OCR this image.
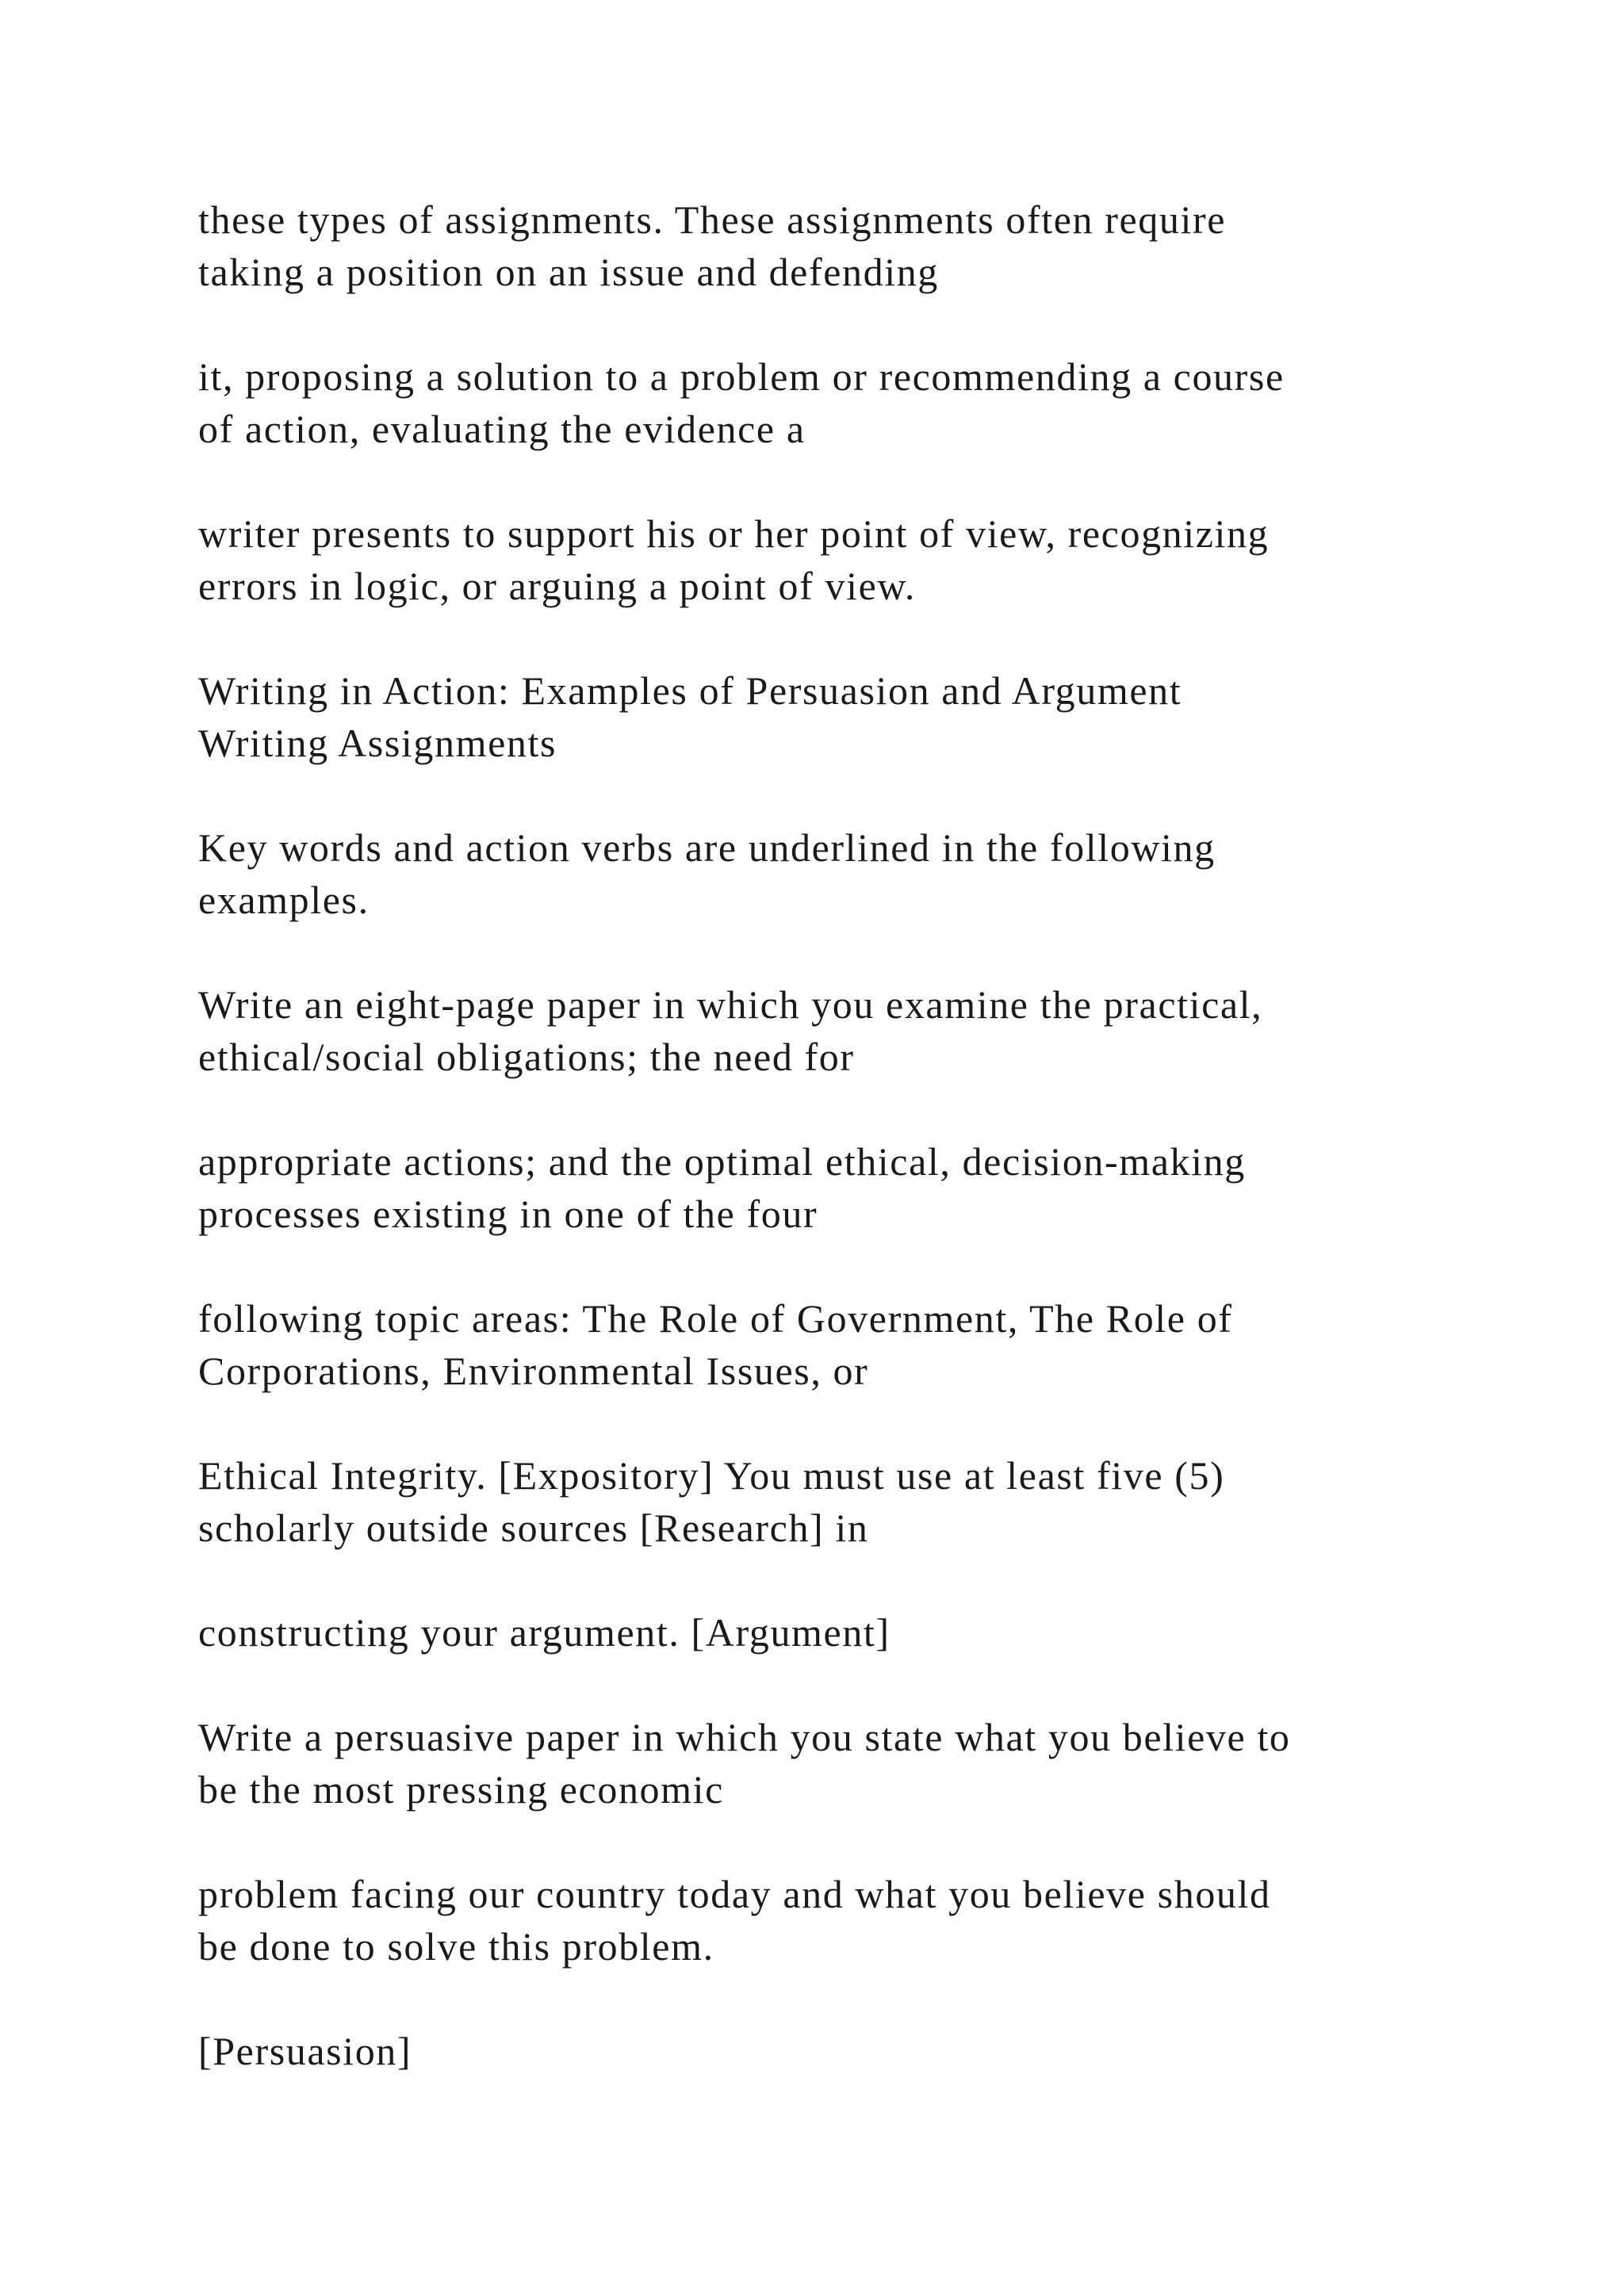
these types of assignments. These assignments often require
taking a position on an issue and defending

it, proposing a solution to a problem or recommending a course
of action, evaluating the evidence a

writer presents to support his or her point of view, recognizing
errors in logic, or arguing a point of view.

Writing in Action: Examples of Persuasion and Argument
Writing Assignments

Key words and action verbs are underlined in the following
examples.

Write an eight-page paper in which you examine the practical,
ethical/social obligations; the need for

appropriate actions; and the optimal ethical, decision-making
processes existing in one of the four

following topic areas: The Role of Government, The Role of
Corporations, Environmental Issues, or

Ethical Integrity. [Expository] You must use at least five (5)
scholarly outside sources [Research] in

constructing your argument. [Argument]

Write a persuasive paper in which you state what you believe to
be the most pressing economic

problem facing our country today and what you believe should
be done to solve this problem.

[Persuasion]
